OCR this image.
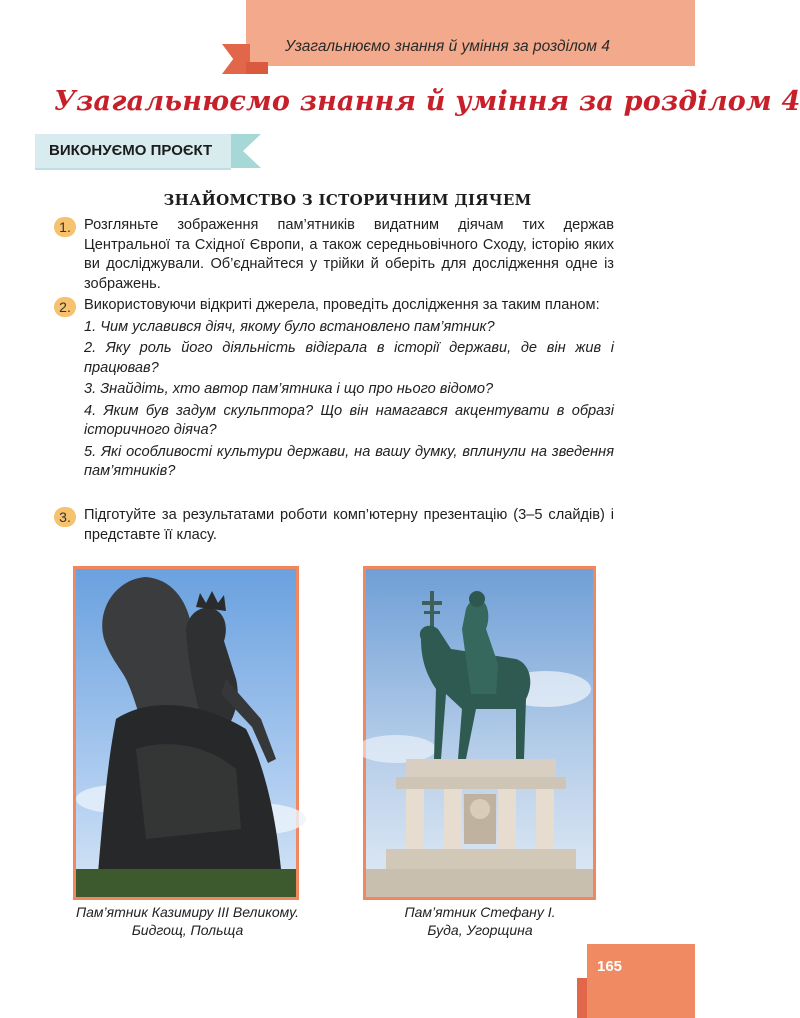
Узагальнюємо знання й уміння за розділом 4
Узагальнюємо знання й уміння за розділом 4
ВИКОНУЄМО ПРОЄКТ
ЗНАЙОМСТВО З ІСТОРИЧНИМ ДІЯЧЕМ
1. Розгляньте зображення пам’ятників видатним діячам тих держав Центральної та Східної Європи, а також середньовічного Сходу, історію яких ви досліджували. Об’єднайтеся у трійки й оберіть для дослідження одне із зображень.
2. Використовуючи відкриті джерела, проведіть дослідження за таким планом:
1. Чим уславився діяч, якому було встановлено пам’ятник?
2. Яку роль його діяльність відіграла в історії держави, де він жив і працював?
3. Знайдіть, хто автор пам’ятника і що про нього відомо?
4. Яким був задум скульптора? Що він намагався акцентувати в образі історичного діяча?
5. Які особливості культури держави, на вашу думку, вплинули на зведення пам’ятників?
3. Підготуйте за результатами роботи комп’ютерну презентацію (3–5 слайдів) і представте її класу.
Пам’ятник Казимиру III Великому.
Бидгощ, Польща
Пам’ятник Стефану І.
Буда, Угорщина
165
